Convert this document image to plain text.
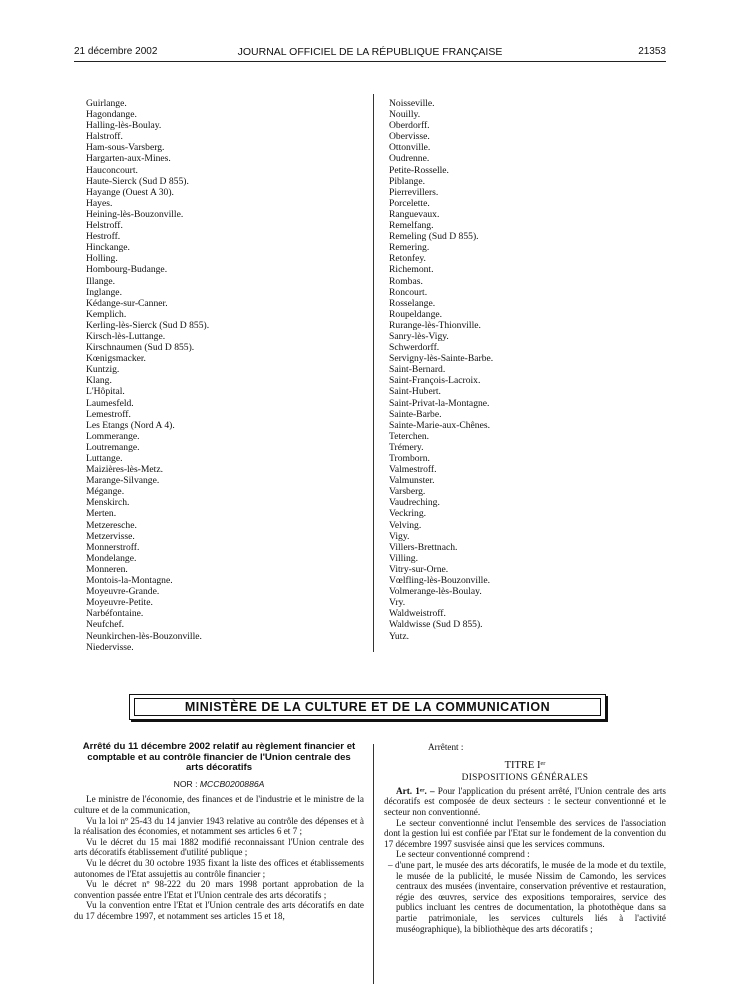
21 décembre 2002	JOURNAL OFFICIEL DE LA RÉPUBLIQUE FRANÇAISE	21353
Guirlange.
Hagondange.
Halling-lès-Boulay.
Halstroff.
Ham-sous-Varsberg.
Hargarten-aux-Mines.
Hauconcourt.
Haute-Sierck (Sud D 855).
Hayange (Ouest A 30).
Hayes.
Heining-lès-Bouzonville.
Helstroff.
Hestroff.
Hinckange.
Holling.
Hombourg-Budange.
Illange.
Inglange.
Kédange-sur-Canner.
Kemplich.
Kerling-lès-Sierck (Sud D 855).
Kirsch-lès-Luttange.
Kirschnaumen (Sud D 855).
Kœnigsmacker.
Kuntzig.
Klang.
L'Hôpital.
Laumesfeld.
Lemestroff.
Les Etangs (Nord A 4).
Lommerange.
Loutremange.
Luttange.
Maizières-lès-Metz.
Marange-Silvange.
Mégange.
Menskirch.
Merten.
Metzeresche.
Metzervisse.
Monnerstroff.
Mondelange.
Monneren.
Montois-la-Montagne.
Moyeuvre-Grande.
Moyeuvre-Petite.
Narbéfontaine.
Neufchef.
Neunkirchen-lès-Bouzonville.
Niedervisse.
Noisseville.
Nouilly.
Oberdorff.
Obervisse.
Ottonville.
Oudrenne.
Petite-Rosselle.
Piblange.
Pierrevillers.
Porcelette.
Ranguevaux.
Remelfang.
Remeling (Sud D 855).
Remering.
Retonfey.
Richemont.
Rombas.
Roncourt.
Rosselange.
Roupeldange.
Rurange-lès-Thionville.
Sanry-lès-Vigy.
Schwerdorff.
Servigny-lès-Sainte-Barbe.
Saint-Bernard.
Saint-François-Lacroix.
Saint-Hubert.
Saint-Privat-la-Montagne.
Sainte-Barbe.
Sainte-Marie-aux-Chênes.
Teterchen.
Trémery.
Tromborn.
Valmestroff.
Valmunster.
Varsberg.
Vaudreching.
Veckring.
Velving.
Vigy.
Villers-Brettnach.
Villing.
Vitry-sur-Orne.
Vœlfling-lès-Bouzonville.
Volmerange-lès-Boulay.
Vry.
Waldweistroff.
Waldwisse (Sud D 855).
Yutz.
MINISTÈRE DE LA CULTURE ET DE LA COMMUNICATION
Arrêté du 11 décembre 2002 relatif au règlement financier et comptable et au contrôle financier de l'Union centrale des arts décoratifs
NOR : MCCB0200886A

Le ministre de l'économie, des finances et de l'industrie et le ministre de la culture et de la communication,

Vu la loi nº 25-43 du 14 janvier 1943 relative au contrôle des dépenses et à la réalisation des économies, et notamment ses articles 6 et 7 ;

Vu le décret du 15 mai 1882 modifié reconnaissant l'Union centrale des arts décoratifs établissement d'utilité publique ;

Vu le décret du 30 octobre 1935 fixant la liste des offices et établissements autonomes de l'Etat assujettis au contrôle financier ;

Vu le décret nº 98-222 du 20 mars 1998 portant approbation de la convention passée entre l'Etat et l'Union centrale des arts décoratifs ;

Vu la convention entre l'Etat et l'Union centrale des arts décoratifs en date du 17 décembre 1997, et notamment ses articles 15 et 18,

Arrêtent :

TITRE Iᵉʳ

DISPOSITIONS GÉNÉRALES

Art. 1ᵉʳ. – Pour l'application du présent arrêté, l'Union centrale des arts décoratifs est composée de deux secteurs : le secteur conventionné et le secteur non conventionné.

Le secteur conventionné inclut l'ensemble des services de l'association dont la gestion lui est confiée par l'Etat sur le fondement de la convention du 17 décembre 1997 susvisée ainsi que les services communs.

Le secteur conventionné comprend :

– d'une part, le musée des arts décoratifs, le musée de la mode et du textile, le musée de la publicité, le musée Nissim de Camondo, les services centraux des musées (inventaire, conservation préventive et restauration, régie des œuvres, service des expositions temporaires, service des publics incluant les centres de documentation, la photothèque dans sa partie patrimoniale, les services culturels liés à l'activité muséographique), la bibliothèque des arts décoratifs ;
